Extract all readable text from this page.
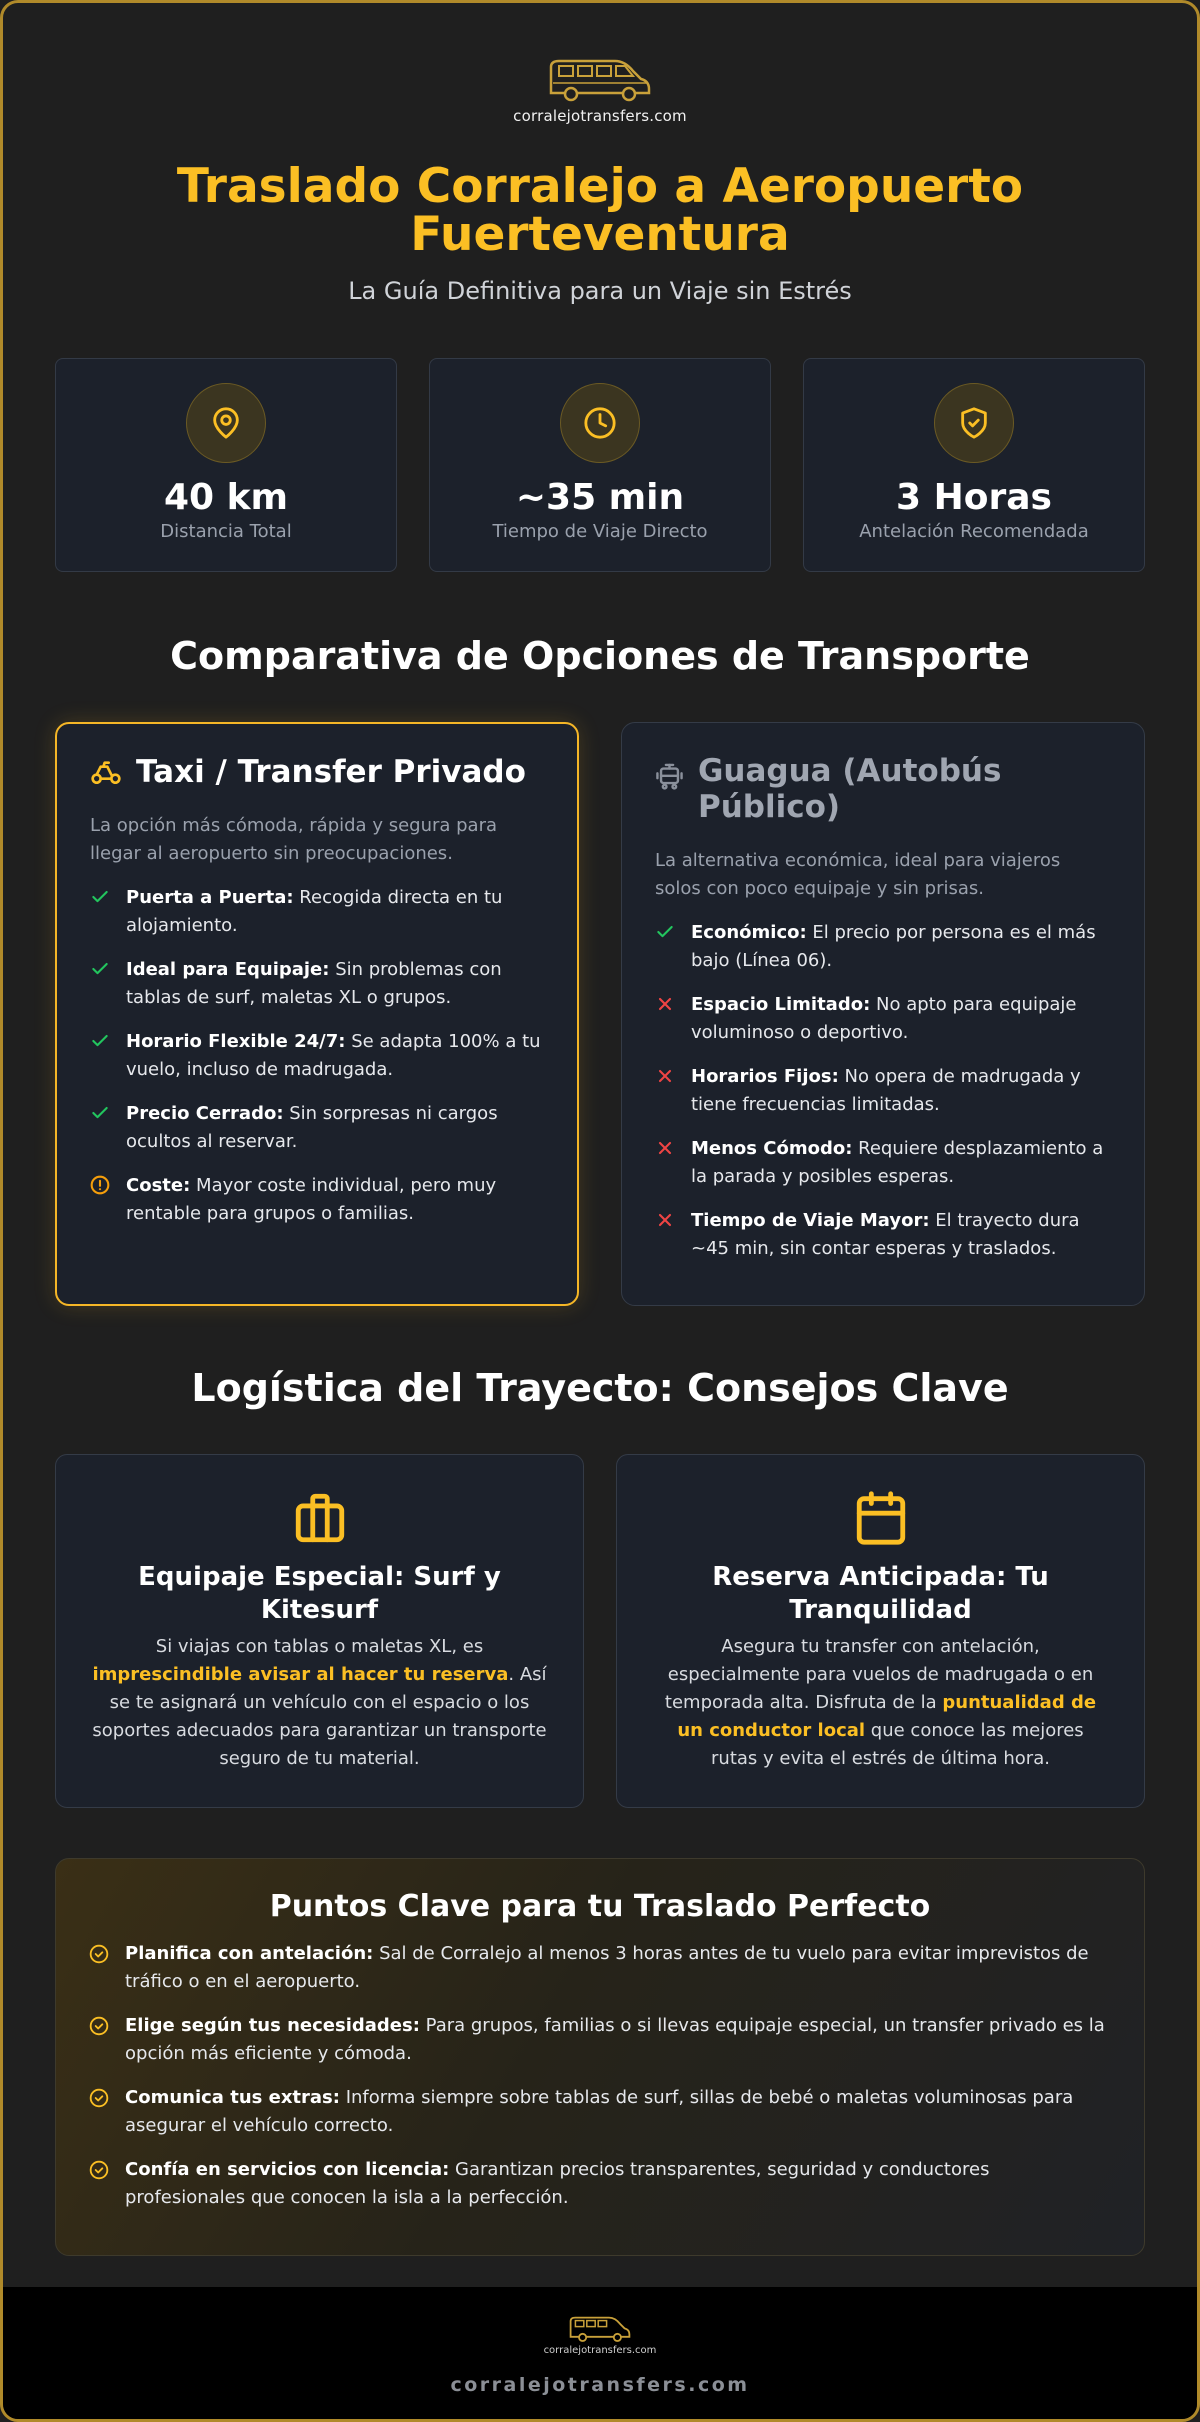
corralejotransfers.com
Traslado Corralejo a Aeropuerto Fuerteventura
La Guía Definitiva para un Viaje sin Estrés
40 km
Distancia Total
~35 min
Tiempo de Viaje Directo
3 Horas
Antelación Recomendada
Comparativa de Opciones de Transporte
Taxi / Transfer Privado
La opción más cómoda, rápida y segura para llegar al aeropuerto sin preocupaciones.
Puerta a Puerta: Recogida directa en tu alojamiento.
Ideal para Equipaje: Sin problemas con tablas de surf, maletas XL o grupos.
Horario Flexible 24/7: Se adapta 100% a tu vuelo, incluso de madrugada.
Precio Cerrado: Sin sorpresas ni cargos ocultos al reservar.
Coste: Mayor coste individual, pero muy rentable para grupos o familias.
Guagua (Autobús Público)
La alternativa económica, ideal para viajeros solos con poco equipaje y sin prisas.
Económico: El precio por persona es el más bajo (Línea 06).
Espacio Limitado: No apto para equipaje voluminoso o deportivo.
Horarios Fijos: No opera de madrugada y tiene frecuencias limitadas.
Menos Cómodo: Requiere desplazamiento a la parada y posibles esperas.
Tiempo de Viaje Mayor: El trayecto dura ~45 min, sin contar esperas y traslados.
Logística del Trayecto: Consejos Clave
Equipaje Especial: Surf y Kitesurf
Si viajas con tablas o maletas XL, es imprescindible avisar al hacer tu reserva. Así se te asignará un vehículo con el espacio o los soportes adecuados para garantizar un transporte seguro de tu material.
Reserva Anticipada: Tu Tranquilidad
Asegura tu transfer con antelación, especialmente para vuelos de madrugada o en temporada alta. Disfruta de la puntualidad de un conductor local que conoce las mejores rutas y evita el estrés de última hora.
Puntos Clave para tu Traslado Perfecto
Planifica con antelación: Sal de Corralejo al menos 3 horas antes de tu vuelo para evitar imprevistos de tráfico o en el aeropuerto.
Elige según tus necesidades: Para grupos, familias o si llevas equipaje especial, un transfer privado es la opción más eficiente y cómoda.
Comunica tus extras: Informa siempre sobre tablas de surf, sillas de bebé o maletas voluminosas para asegurar el vehículo correcto.
Confía en servicios con licencia: Garantizan precios transparentes, seguridad y conductores profesionales que conocen la isla a la perfección.
corralejotransfers.com
corralejotransfers.com
